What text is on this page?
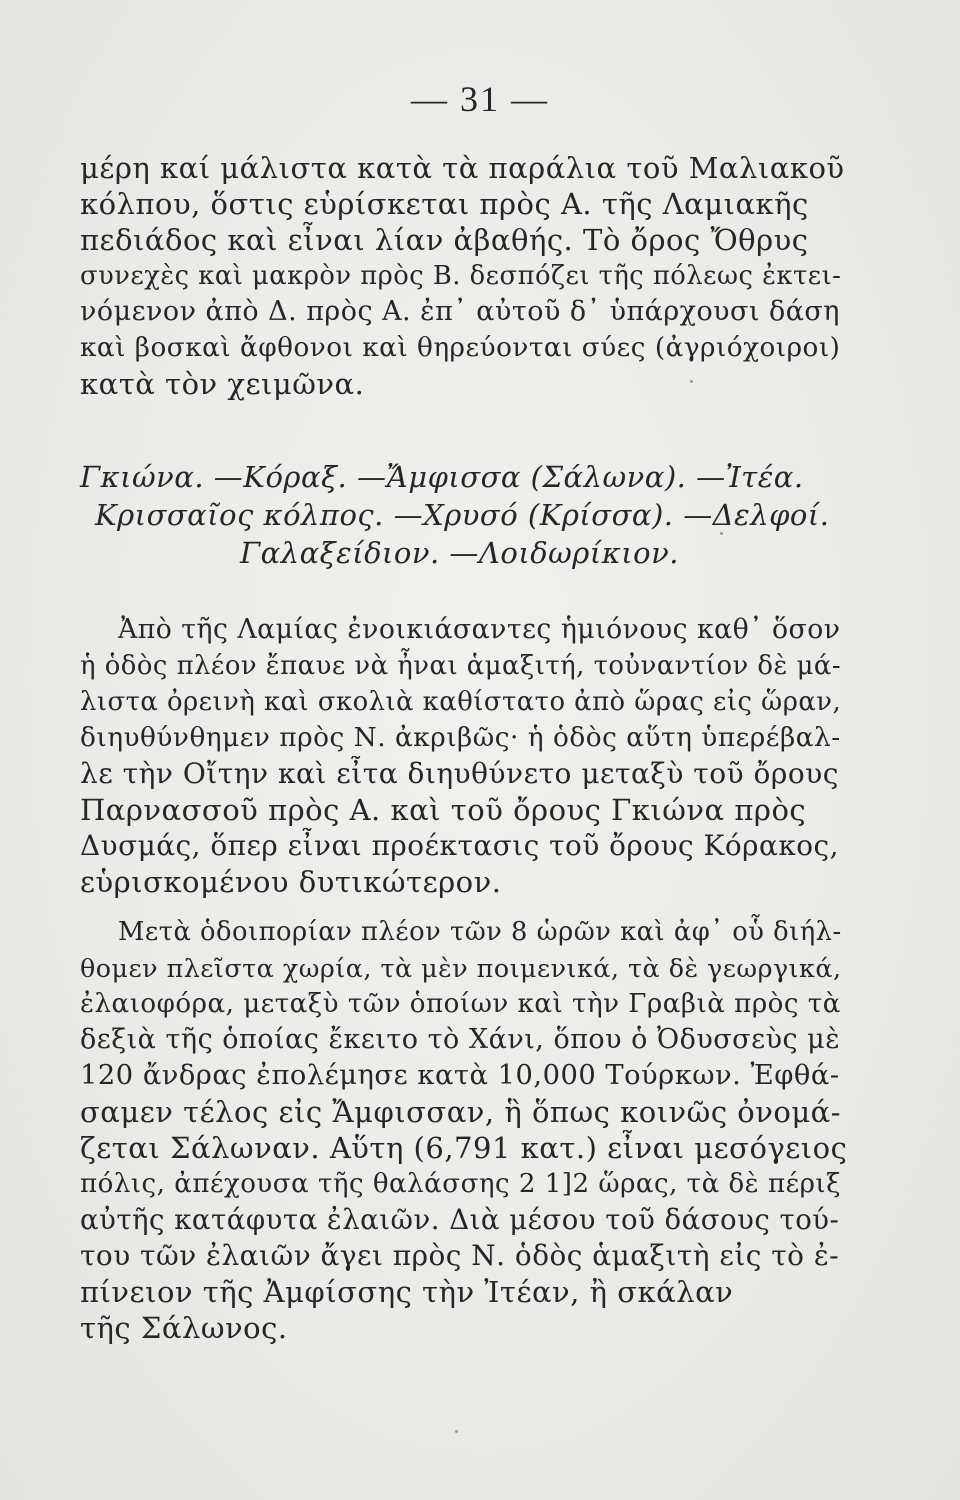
— 31 —
μέρη καί μάλιστα κατὰ τὰ παράλια τοῦ Μαλιακοῦ
κόλπου, ὅστις εὑρίσκεται πρὸς Α. τῆς Λαμιακῆς
πεδιάδος καὶ εἶναι λίαν ἀβαθής. Τὸ ὄρος Ὄθρυς
συνεχὲς καὶ μακρὸν πρὸς Β. δεσπόζει τῆς πόλεως ἐκτει-
νόμενον ἀπὸ Δ. πρὸς Α. ἐπ᾽ αὐτοῦ δ᾽ ὑπάρχουσι δάση
καὶ βοσκαὶ ἄφθονοι καὶ θηρεύονται σύες (ἀγριόχοιροι)
κατὰ τὸν χειμῶνα.
Γκιώνα. —Κόραξ. —Ἄμφισσα (Σάλωνα). —Ἰτέα.
Κρισσαῖος κόλπος. —Χρυσό (Κρίσσα). —Δελφοί.
Γαλαξείδιον. —Λοιδωρίκιον.
Ἀπὸ τῆς Λαμίας ἐνοικιάσαντες ἡμιόνους καθ᾽ ὅσον
ἡ ὁδὸς πλέον ἔπαυε νὰ ἦναι ἁμαξιτή, τοὐναντίον δὲ μά-
λιστα ὀρεινὴ καὶ σκολιὰ καθίστατο ἀπὸ ὥρας εἰς ὥραν,
διηυθύνθημεν πρὸς Ν. ἀκριβῶς· ἡ ὁδὸς αὕτη ὑπερέβαλ-
λε τὴν Οἴτην καὶ εἶτα διηυθύνετο μεταξὺ τοῦ ὄρους
Παρνασσοῦ πρὸς Α. καὶ τοῦ ὄρους Γκιώνα πρὸς
Δυσμάς, ὅπερ εἶναι προέκτασις τοῦ ὄρους Κόρακος,
εὑρισκομένου δυτικώτερον.
Μετὰ ὁδοιπορίαν πλέον τῶν 8 ὡρῶν καὶ ἀφ᾽ οὗ διήλ-
θομεν πλεῖστα χωρία, τὰ μὲν ποιμενικά, τὰ δὲ γεωργικά,
ἐλαιοφόρα, μεταξὺ τῶν ὁποίων καὶ τὴν Γραβιὰ πρὸς τὰ
δεξιὰ τῆς ὁποίας ἔκειτο τὸ Χάνι, ὅπου ὁ Ὀδυσσεὺς μὲ
120 ἄνδρας ἐπολέμησε κατὰ 10,000 Τούρκων. Ἐφθά-
σαμεν τέλος εἰς Ἄμφισσαν, ἣ ὅπως κοινῶς ὀνομά-
ζεται Σάλωναν. Αὕτη (6,791 κατ.) εἶναι μεσόγειος
πόλις, ἀπέχουσα τῆς θαλάσσης 2 1]2 ὥρας, τὰ δὲ πέριξ
αὐτῆς κατάφυτα ἐλαιῶν. Διὰ μέσου τοῦ δάσους τού-
του τῶν ἐλαιῶν ἄγει πρὸς Ν. ὁδὸς ἁμαξιτὴ εἰς τὸ ἐ-
πίνειον τῆς Ἀμφίσσης τὴν Ἰτέαν, ἢ σκάλαν
τῆς Σάλωνος.
